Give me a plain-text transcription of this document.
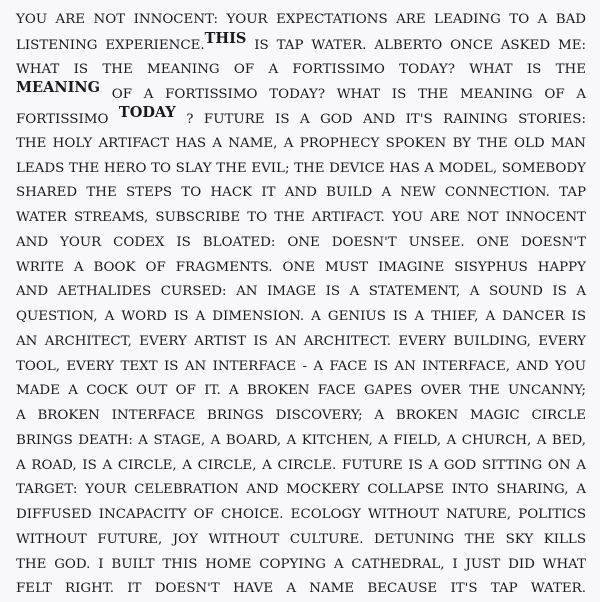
YOU ARE NOT INNOCENT: YOUR EXPECTATIONS ARE LEADING TO A BAD
LISTENING EXPERIENCE.THIS IS TAP WATER. ALBERTO ONCE ASKED ME:
WHAT IS THE MEANING OF A FORTISSIMO TODAY? WHAT IS THE
MEANING OF A FORTISSIMO TODAY? WHAT IS THE MEANING OF A
FORTISSIMO TODAY ? FUTURE IS A GOD AND IT'S RAINING STORIES:
THE HOLY ARTIFACT HAS A NAME, A PROPHECY SPOKEN BY THE OLD MAN
LEADS THE HERO TO SLAY THE EVIL; THE DEVICE HAS A MODEL, SOMEBODY
SHARED THE STEPS TO HACK IT AND BUILD A NEW CONNECTION. TAP
WATER STREAMS, SUBSCRIBE TO THE ARTIFACT. YOU ARE NOT INNOCENT
AND YOUR CODEX IS BLOATED: ONE DOESN'T UNSEE. ONE DOESN'T
WRITE A BOOK OF FRAGMENTS. ONE MUST IMAGINE SISYPHUS HAPPY
AND AETHALIDES CURSED: AN IMAGE IS A STATEMENT, A SOUND IS A
QUESTION, A WORD IS A DIMENSION. A GENIUS IS A THIEF, A DANCER IS
AN ARCHITECT, EVERY ARTIST IS AN ARCHITECT. EVERY BUILDING, EVERY
TOOL, EVERY TEXT IS AN INTERFACE - A FACE IS AN INTERFACE, AND YOU
MADE A COCK OUT OF IT. A BROKEN FACE GAPES OVER THE UNCANNY;
A BROKEN INTERFACE BRINGS DISCOVERY; A BROKEN MAGIC CIRCLE
BRINGS DEATH: A STAGE, A BOARD, A KITCHEN, A FIELD, A CHURCH, A BED,
A ROAD, IS A CIRCLE, A CIRCLE, A CIRCLE. FUTURE IS A GOD SITTING ON A
TARGET: YOUR CELEBRATION AND MOCKERY COLLAPSE INTO SHARING, A
DIFFUSED INCAPACITY OF CHOICE. ECOLOGY WITHOUT NATURE, POLITICS
WITHOUT FUTURE, JOY WITHOUT CULTURE. DETUNING THE SKY KILLS
THE GOD. I BUILT THIS HOME COPYING A CATHEDRAL, I JUST DID WHAT
FELT RIGHT. IT DOESN'T HAVE A NAME BECAUSE IT'S TAP WATER.
